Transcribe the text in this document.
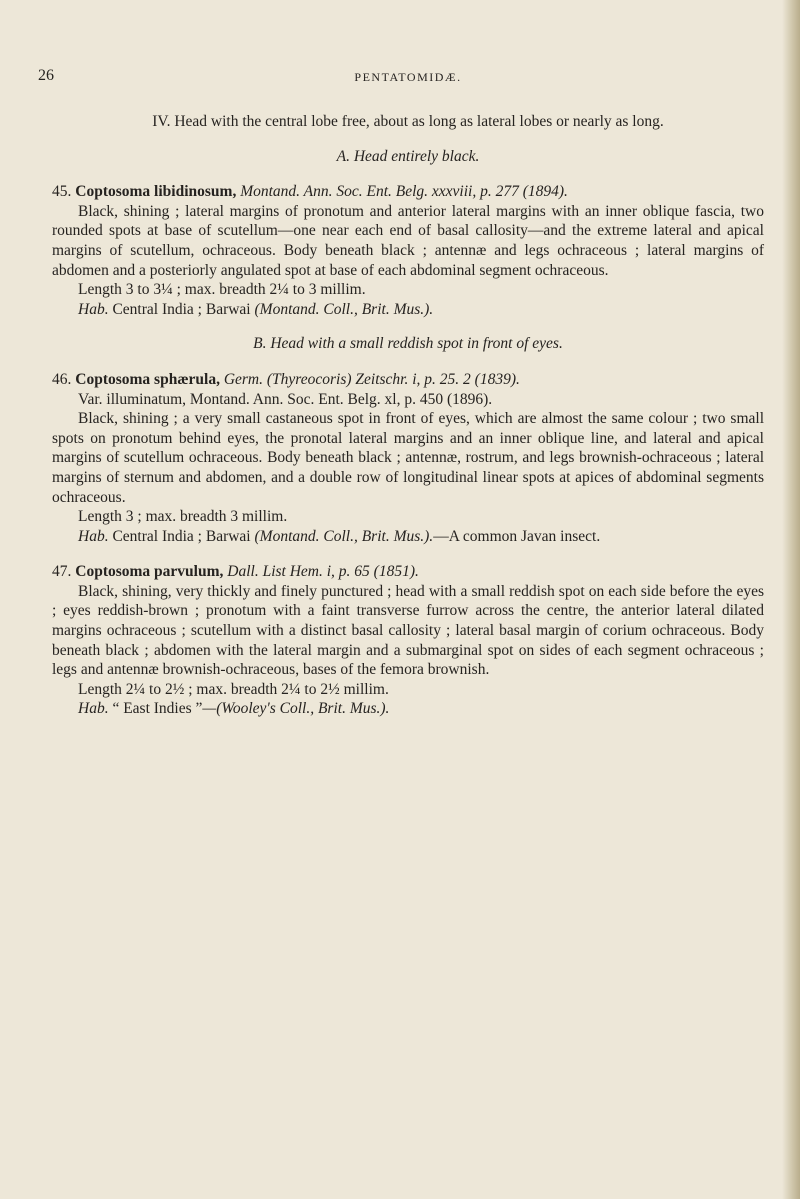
26	PENTATOMIDÆ.

IV. Head with the central lobe free, about as long as lateral lobes or nearly as long.

A. Head entirely black.

45. Coptosoma libidinosum, Montand. Ann. Soc. Ent. Belg. xxxviii, p. 277 (1894).

Black, shining ; lateral margins of pronotum and anterior lateral margins with an inner oblique fascia, two rounded spots at base of scutellum—one near each end of basal callosity—and the extreme lateral and apical margins of scutellum, ochraceous. Body beneath black ; antennæ and legs ochraceous ; lateral margins of abdomen and a posteriorly angulated spot at base of each abdominal segment ochraceous.

Length 3 to 3¼ ; max. breadth 2¼ to 3 millim.

Hab. Central India ; Barwai (Montand. Coll., Brit. Mus.).

B. Head with a small reddish spot in front of eyes.

46. Coptosoma sphærula, Germ. (Thyreocoris) Zeitschr. i, p. 25. 2 (1839).

Var. illuminatum, Montand. Ann. Soc. Ent. Belg. xl, p. 450 (1896).

Black, shining ; a very small castaneous spot in front of eyes, which are almost the same colour ; two small spots on pronotum behind eyes, the pronotal lateral margins and an inner oblique line, and lateral and apical margins of scutellum ochraceous. Body beneath black ; antennæ, rostrum, and legs brownish-ochraceous ; lateral margins of sternum and abdomen, and a double row of longitudinal linear spots at apices of abdominal segments ochraceous.

Length 3 ; max. breadth 3 millim.

Hab. Central India ; Barwai (Montand. Coll., Brit. Mus.).—A common Javan insect.

47. Coptosoma parvulum, Dall. List Hem. i, p. 65 (1851).

Black, shining, very thickly and finely punctured ; head with a small reddish spot on each side before the eyes ; eyes reddish-brown ; pronotum with a faint transverse furrow across the centre, the anterior lateral dilated margins ochraceous ; scutellum with a distinct basal callosity ; lateral basal margin of corium ochraceous. Body beneath black ; abdomen with the lateral margin and a submarginal spot on sides of each segment ochraceous ; legs and antennæ brownish-ochraceous, bases of the femora brownish.

Length 2¼ to 2½ ; max. breadth 2¼ to 2½ millim.

Hab. “ East Indies ”—(Wooley's Coll., Brit. Mus.).
